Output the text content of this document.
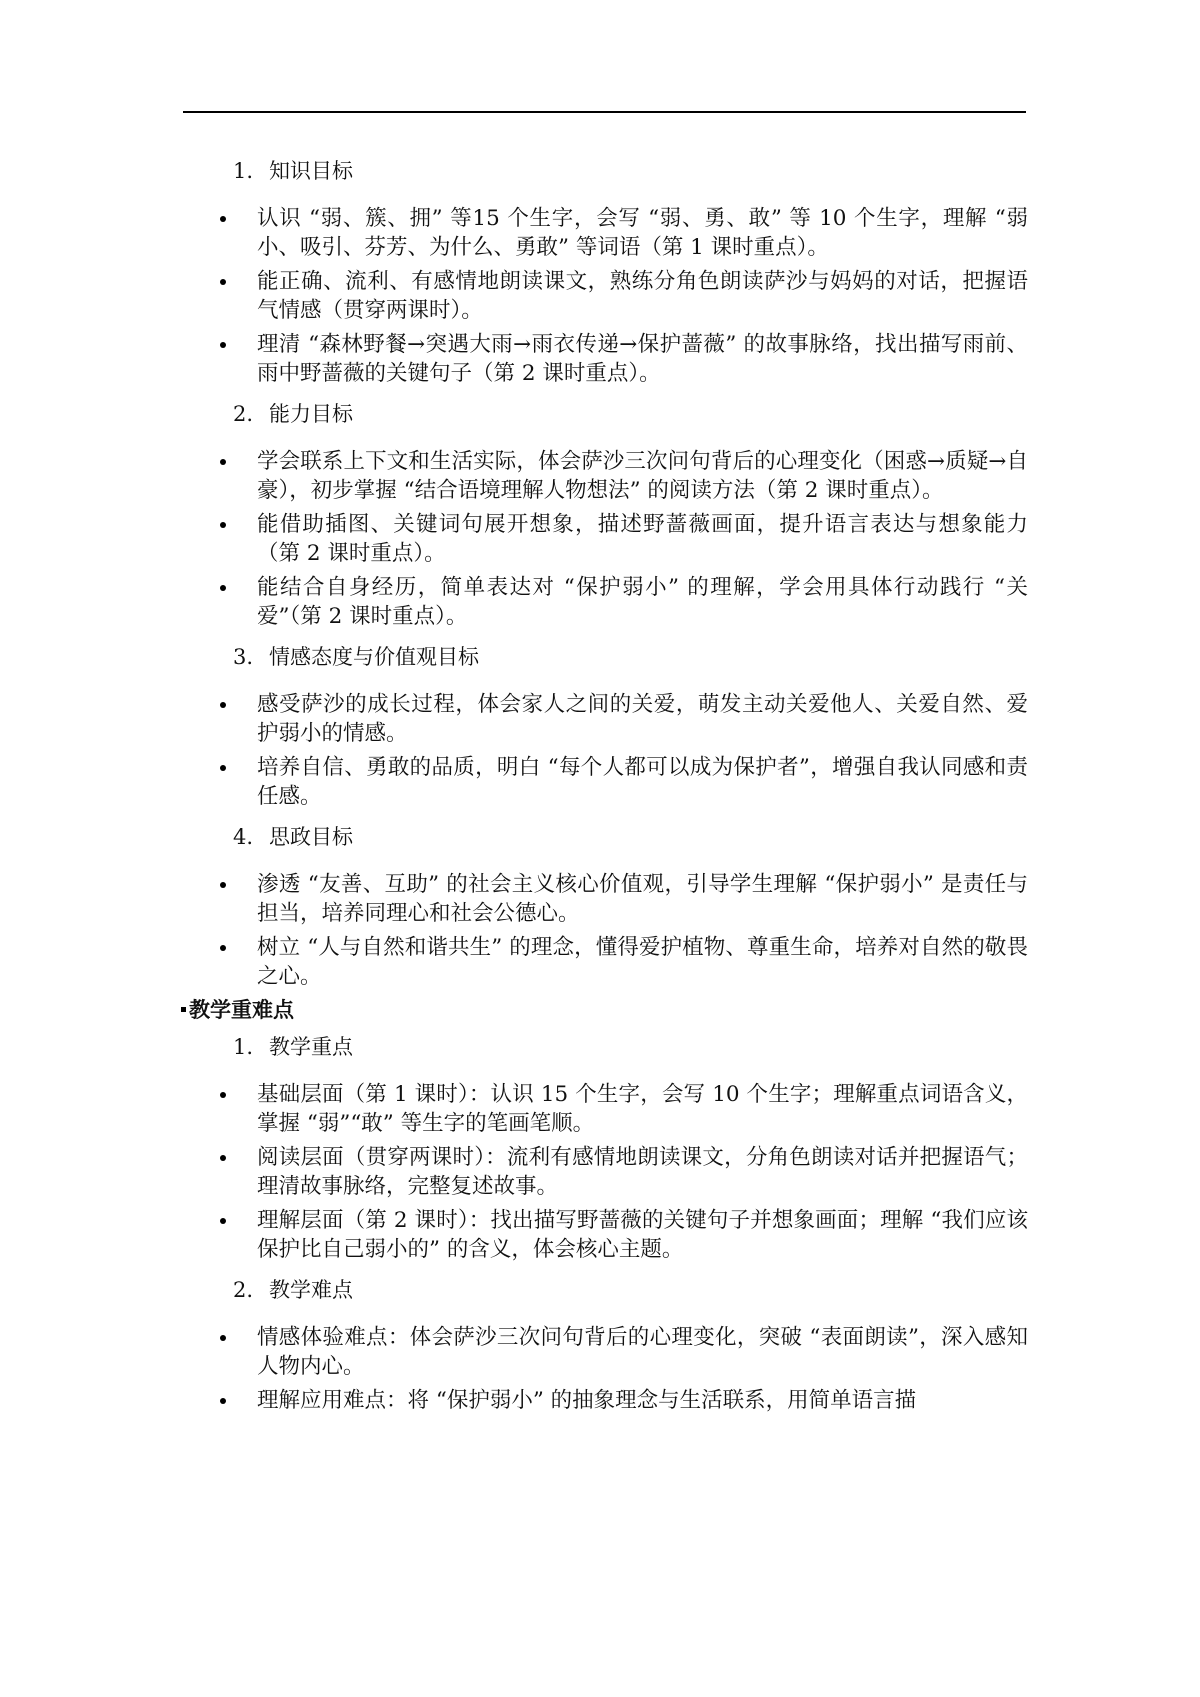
1. 知识目标
认识 “弱、簇、拥” 等15 个生字，会写 “弱、勇、敢” 等 10 个生字，理解 “弱小、吸引、芬芳、为什么、勇敢” 等词语（第 1 课时重点）。
能正确、流利、有感情地朗读课文，熟练分角色朗读萨沙与妈妈的对话，把握语气情感（贯穿两课时）。
理清 “森林野餐→突遇大雨→雨衣传递→保护蔷薇” 的故事脉络，找出描写雨前、雨中野蔷薇的关键句子（第 2 课时重点）。
2. 能力目标
学会联系上下文和生活实际，体会萨沙三次问句背后的心理变化（困惑→质疑→自豪），初步掌握 “结合语境理解人物想法” 的阅读方法（第 2 课时重点）。
能借助插图、关键词句展开想象，描述野蔷薇画面，提升语言表达与想象能力（第 2 课时重点）。
能结合自身经历，简单表达对 “保护弱小” 的理解，学会用具体行动践行 “关爱”（第 2 课时重点）。
3. 情感态度与价值观目标
感受萨沙的成长过程，体会家人之间的关爱，萌发主动关爱他人、关爱自然、爱护弱小的情感。
培养自信、勇敢的品质，明白 “每个人都可以成为保护者”，增强自我认同感和责任感。
4. 思政目标
渗透 “友善、互助” 的社会主义核心价值观，引导学生理解 “保护弱小” 是责任与担当，培养同理心和社会公德心。
树立 “人与自然和谐共生” 的理念，懂得爱护植物、尊重生命，培养对自然的敬畏之心。
教学重难点
1. 教学重点
基础层面（第 1 课时）：认识 15 个生字，会写 10 个生字；理解重点词语含义，掌握 “弱”“敢” 等生字的笔画笔顺。
阅读层面（贯穿两课时）：流利有感情地朗读课文，分角色朗读对话并把握语气；理清故事脉络，完整复述故事。
理解层面（第 2 课时）：找出描写野蔷薇的关键句子并想象画面；理解 “我们应该保护比自己弱小的” 的含义，体会核心主题。
2. 教学难点
情感体验难点：体会萨沙三次问句背后的心理变化，突破 “表面朗读”，深入感知人物内心。
理解应用难点：将 “保护弱小” 的抽象理念与生活联系，用简单语言描
